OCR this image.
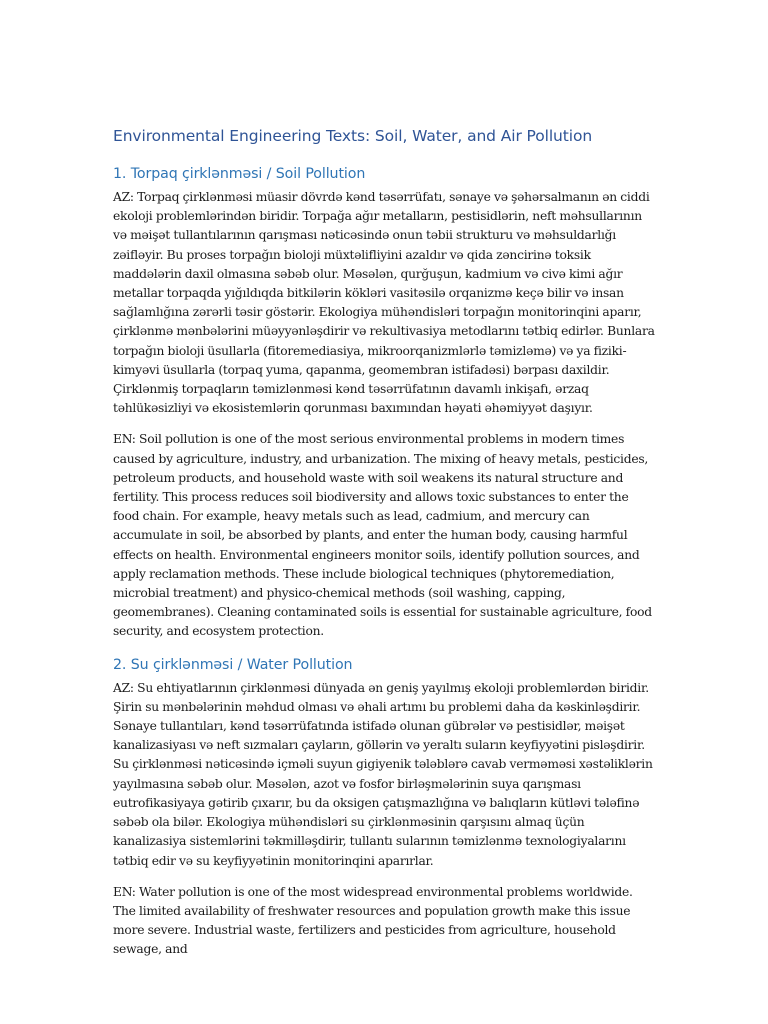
Environmental Engineering Texts: Soil, Water, and Air Pollution
1. Torpaq çirklənməsi / Soil Pollution

AZ: Torpaq çirklənməsi müasir dövrdə kənd təsərrüfatı, sənaye və şəhərsalmanın ən ciddi ekoloji problemlərindən biridir. Torpağa ağır metalların, pestisidlərin, neft məhsullarının və məişət tullantılarının qarışması nəticəsində onun təbii strukturu və məhsuldarlığı zəifləyir. Bu proses torpağın bioloji müxtəlifliyini azaldır və qida zəncirinə toksik maddələrin daxil olmasına səbəb olur. Məsələn, qurğuşun, kadmium və civə kimi ağır metallar torpaqda yığıldıqda bitkilərin kökləri vasitəsilə orqanizmə keçə bilir və insan sağlamlığına zərərli təsir göstərir. Ekologiya mühəndisləri torpağın monitorinqini aparır, çirklənmə mənbələrini müəyyənləşdirir və rekultivasiya metodlarını tətbiq edirlər. Bunlara torpağın bioloji üsullarla (fitoremediasiya, mikroorqanizmlərlə təmizləmə) və ya fiziki-kimyəvi üsullarla (torpaq yuma, qapanma, geomembran istifadəsi) bərpası daxildir. Çirklənmiş torpaqların təmizlənməsi kənd təsərrüfatının davamlı inkişafı, ərzaq təhlükəsizliyi və ekosistemlərin qorunması baxımından həyati əhəmiyyət daşıyır.

EN: Soil pollution is one of the most serious environmental problems in modern times caused by agriculture, industry, and urbanization. The mixing of heavy metals, pesticides, petroleum products, and household waste with soil weakens its natural structure and fertility. This process reduces soil biodiversity and allows toxic substances to enter the food chain. For example, heavy metals such as lead, cadmium, and mercury can accumulate in soil, be absorbed by plants, and enter the human body, causing harmful effects on health. Environmental engineers monitor soils, identify pollution sources, and apply reclamation methods. These include biological techniques (phytoremediation, microbial treatment) and physico-chemical methods (soil washing, capping, geomembranes). Cleaning contaminated soils is essential for sustainable agriculture, food security, and ecosystem protection.

2. Su çirklənməsi / Water Pollution

AZ: Su ehtiyatlarının çirklənməsi dünyada ən geniş yayılmış ekoloji problemlərdən biridir. Şirin su mənbələrinin məhdud olması və əhali artımı bu problemi daha da kəskinləşdirir. Sənaye tullantıları, kənd təsərrüfatında istifadə olunan gübrələr və pestisidlər, məişət kanalizasiyası və neft sızmaları çayların, göllərin və yeraltı suların keyfiyyətini pisləşdirir. Su çirklənməsi nəticəsində içməli suyun gigiyenik tələblərə cavab verməməsi xəstəliklərin yayılmasına səbəb olur. Məsələn, azot və fosfor birləşmələrinin suya qarışması eutrofikasiyaya gətirib çıxarır, bu da oksigen çatışmazlığına və balıqların kütləvi tələfinə səbəb ola bilər. Ekologiya mühəndisləri su çirklənməsinin qarşısını almaq üçün kanalizasiya sistemlərini təkmilləşdirir, tullantı sularının təmizlənmə texnologiyalarını tətbiq edir və su keyfiyyətinin monitorinqini aparırlar.

EN: Water pollution is one of the most widespread environmental problems worldwide. The limited availability of freshwater resources and population growth make this issue more severe. Industrial waste, fertilizers and pesticides from agriculture, household sewage, and
